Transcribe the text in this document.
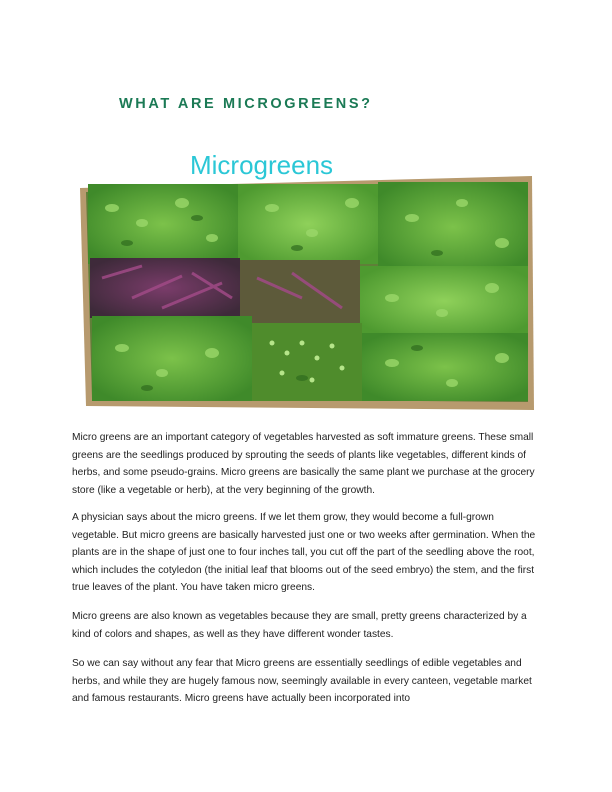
WHAT ARE MICROGREENS?
Microgreens

Micro greens are an important category of vegetables harvested as soft immature greens. These small greens are the seedlings produced by sprouting the seeds of plants like vegetables, different kinds of herbs, and some pseudo-grains. Micro greens are basically the same plant we purchase at the grocery store (like a vegetable or herb), at the very beginning of the growth.

A physician says about the micro greens. If we let them grow, they would become a full-grown vegetable. But micro greens are basically harvested just one or two weeks after germination. When the plants are in the shape of just one to four inches tall, you cut off the part of the seedling above the root, which includes the cotyledon (the initial leaf that blooms out of the seed embryo) the stem, and the first true leaves of the plant. You have taken micro greens.

Micro greens are also known as vegetables because they are small, pretty greens characterized by a kind of colors and shapes, as well as they have different wonder tastes.

So we can say without any fear that Micro greens are essentially seedlings of edible vegetables and herbs, and while they are hugely famous now, seemingly available in every canteen, vegetable market and famous restaurants. Micro greens have actually been incorporated into
